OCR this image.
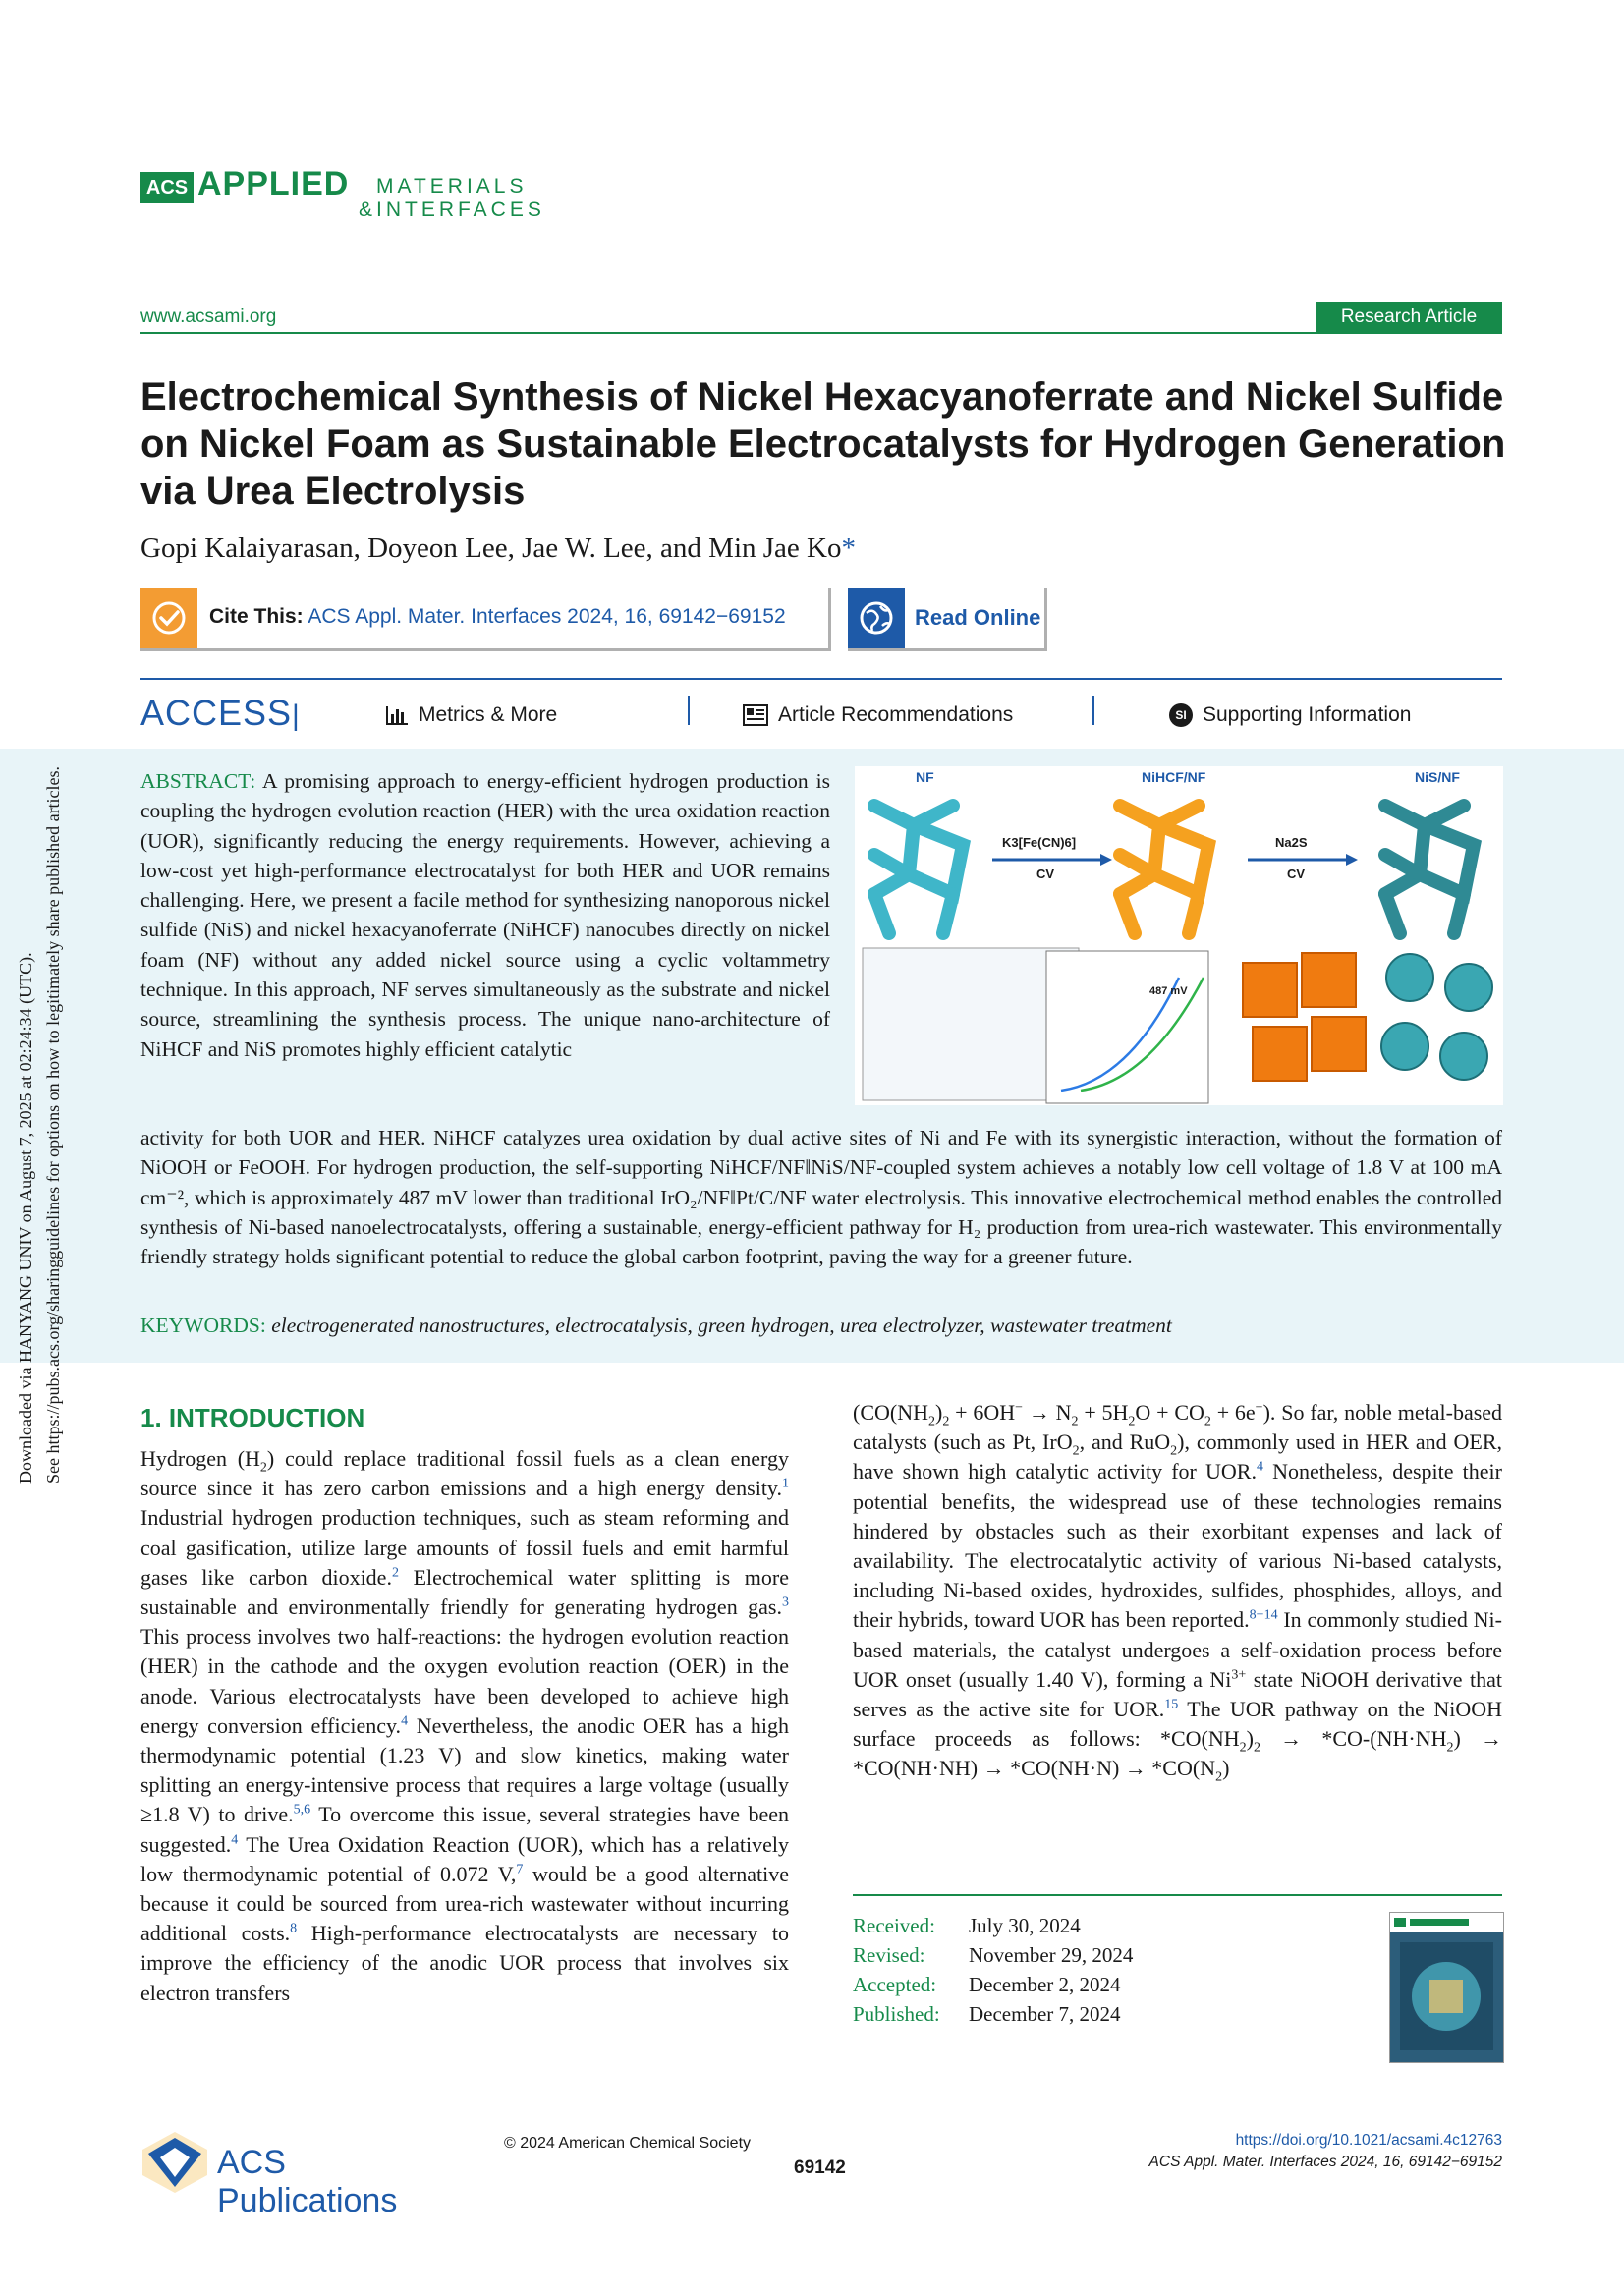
ACS APPLIED MATERIALS
&INTERFACES
www.acsami.org	Research Article
Electrochemical Synthesis of Nickel Hexacyanoferrate and Nickel Sulfide on Nickel Foam as Sustainable Electrocatalysts for Hydrogen Generation via Urea Electrolysis
Gopi Kalaiyarasan, Doyeon Lee, Jae W. Lee, and Min Jae Ko*
Cite This: ACS Appl. Mater. Interfaces 2024, 16, 69142−69152	Read Online
ACCESS|	Metrics & More	Article Recommendations	SI Supporting Information
NF	NiHCF/NF	NiS/NF
K3[Fe(CN)6]
CV
Na2S
CV
487 mV
ABSTRACT: A promising approach to energy-efficient hydrogen production is coupling the hydrogen evolution reaction (HER) with the urea oxidation reaction (UOR), significantly reducing the energy requirements. However, achieving a low-cost yet high-performance electrocatalyst for both HER and UOR remains challenging. Here, we present a facile method for synthesizing nanoporous nickel sulfide (NiS) and nickel hexacyanoferrate (NiHCF) nanocubes directly on nickel foam (NF) without any added nickel source using a cyclic voltammetry technique. In this approach, NF serves simultaneously as the substrate and nickel source, streamlining the synthesis process. The unique nano-architecture of NiHCF and NiS promotes highly efficient catalytic
activity for both UOR and HER. NiHCF catalyzes urea oxidation by dual active sites of Ni and Fe with its synergistic interaction, without the formation of NiOOH or FeOOH. For hydrogen production, the self-supporting NiHCF/NF‖NiS/NF-coupled system achieves a notably low cell voltage of 1.8 V at 100 mA cm⁻², which is approximately 487 mV lower than traditional IrO₂/NF‖Pt/C/NF water electrolysis. This innovative electrochemical method enables the controlled synthesis of Ni-based nanoelectrocatalysts, offering a sustainable, energy-efficient pathway for H₂ production from urea-rich wastewater. This environmentally friendly strategy holds significant potential to reduce the global carbon footprint, paving the way for a greener future.
KEYWORDS: electrogenerated nanostructures, electrocatalysis, green hydrogen, urea electrolyzer, wastewater treatment
Downloaded via HANYANG UNIV on August 7, 2025 at 02:24:34 (UTC). See https://pubs.acs.org/sharingguidelines for options on how to legitimately share published articles.	1. INTRODUCTION
Hydrogen $(H_2)$ could replace traditional fossil fuels as a clean energy source since it has zero carbon emissions and a high energy density.$^1$ Industrial hydrogen production techniques, such as steam reforming and coal gasification, utilize large amounts of fossil fuels and emit harmful gases like carbon dioxide.$^2$ Electrochemical water splitting is more sustainable and environmentally friendly for generating hydrogen gas.$^3$ This process involves two half-reactions: the hydrogen evolution reaction (HER) in the cathode and the oxygen evolution reaction (OER) in the anode. Various electrocatalysts have been developed to achieve high energy conversion efficiency.$^4$ Nevertheless, the anodic OER has a high thermodynamic potential (1.23 V) and slow kinetics, making water splitting an energy-intensive process that requires a large voltage (usually ≥1.8 V) to drive.$^{5,6}$ To overcome this issue, several strategies have been suggested.$^4$ The Urea Oxidation Reaction (UOR), which has a relatively low thermodynamic potential of 0.072 V,$^7$ would be a good alternative because it could be sourced from urea-rich wastewater without incurring additional costs.$^8$ High-performance electrocatalysts are necessary to improve the efficiency of the anodic UOR process that involves six electron transfers
$(CO(NH_2)_2 + 6OH^- \to N_2 + 5H_2O + CO_2 + 6e^-)$. So far, noble metal-based catalysts (such as Pt, IrO$_2$, and RuO$_2$), commonly used in HER and OER, have shown high catalytic activity for UOR.$^4$ Nonetheless, despite their potential benefits, the widespread use of these technologies remains hindered by obstacles such as their exorbitant expenses and lack of availability. The electrocatalytic activity of various Ni-based catalysts, including Ni-based oxides, hydroxides, sulfides, phosphides, alloys, and their hybrids, toward UOR has been reported.$^{8-14}$ In commonly studied Ni-based materials, the catalyst undergoes a self-oxidation process before UOR onset (usually 1.40 V), forming a $Ni^{3+}$ state NiOOH derivative that serves as the active site for UOR.$^{15}$ The UOR pathway on the NiOOH surface proceeds as follows: $*CO(NH_2)_2 \to *CO-(NH\cdot NH_2) \to *CO(NH\cdot NH) \to *CO(NH\cdot N) \to *CO(N_2)$
Received: July 30, 2024
Revised: November 29, 2024
Accepted: December 2, 2024
Published: December 7, 2024
ACS Publications
© 2024 American Chemical Society
69142
https://doi.org/10.1021/acsami.4c12763
ACS Appl. Mater. Interfaces 2024, 16, 69142−69152
